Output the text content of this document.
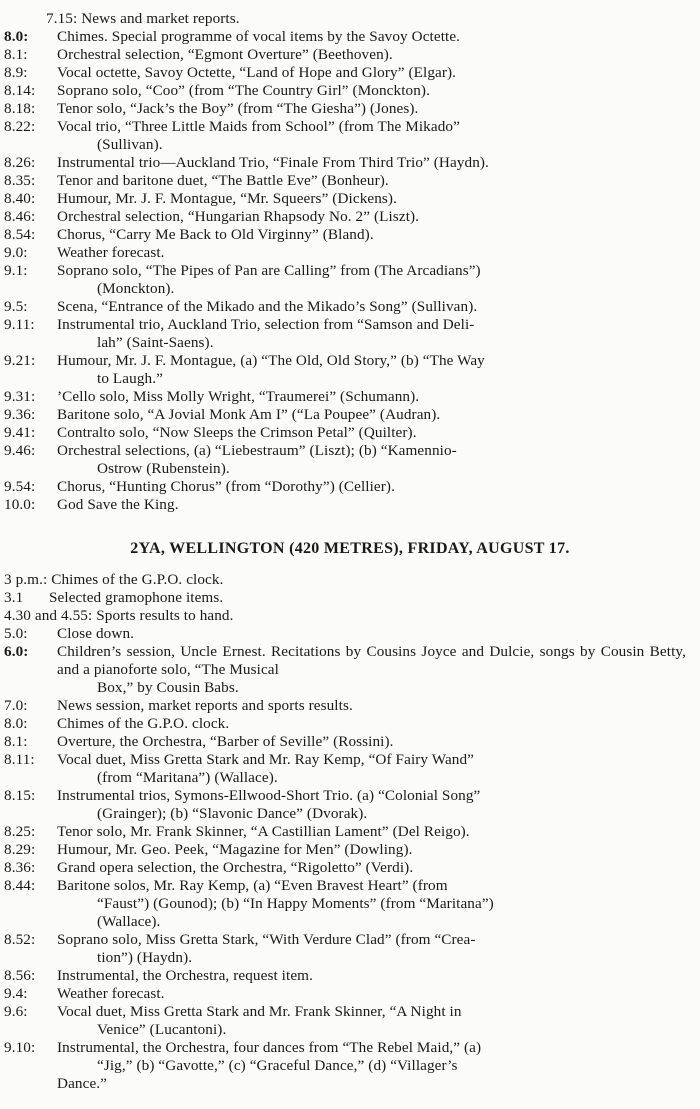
7.15: News and market reports.
8.0: Chimes. Special programme of vocal items by the Savoy Octette.
8.1: Orchestral selection, “Egmont Overture” (Beethoven).
8.9: Vocal octette, Savoy Octette, “Land of Hope and Glory” (Elgar).
8.14: Soprano solo, “Coo” (from “The Country Girl” (Monckton).
8.18: Tenor solo, “Jack’s the Boy” (from “The Giesha”) (Jones).
8.22: Vocal trio, “Three Little Maids from School” (from The Mikado”
(Sullivan).
8.26: Instrumental trio—Auckland Trio, “Finale From Third Trio” (Haydn).
8.35: Tenor and baritone duet, “The Battle Eve” (Bonheur).
8.40: Humour, Mr. J. F. Montague, “Mr. Squeers” (Dickens).
8.46: Orchestral selection, “Hungarian Rhapsody No. 2” (Liszt).
8.54: Chorus, “Carry Me Back to Old Virginny” (Bland).
9.0: Weather forecast.
9.1: Soprano solo, “The Pipes of Pan are Calling” from (The Arcadians”)
(Monckton).
9.5: Scena, “Entrance of the Mikado and the Mikado’s Song” (Sullivan).
9.11: Instrumental trio, Auckland Trio, selection from “Samson and Deli-
lah” (Saint-Saens).
9.21: Humour, Mr. J. F. Montague, (a) “The Old, Old Story,” (b) “The Way
to Laugh.”
9.31: ’Cello solo, Miss Molly Wright, “Traumerei” (Schumann).
9.36: Baritone solo, “A Jovial Monk Am I” (“La Poupee” (Audran).
9.41: Contralto solo, “Now Sleeps the Crimson Petal” (Quilter).
9.46: Orchestral selections, (a) “Liebestraum” (Liszt); (b) “Kamennio-
Ostrow (Rubenstein).
9.54: Chorus, “Hunting Chorus” (from “Dorothy”) (Cellier).
10.0: God Save the King.
2YA, WELLINGTON (420 METRES), FRIDAY, AUGUST 17.
3 p.m.: Chimes of the G.P.O. clock.
3.1 Selected gramophone items.
4.30 and 4.55: Sports results to hand.
5.0: Close down.
6.0: Children’s session, Uncle Ernest. Recitations by Cousins Joyce and Dulcie, songs by Cousin Betty, and a pianoforte solo, “The Musical
Box,” by Cousin Babs.
7.0: News session, market reports and sports results.
8.0: Chimes of the G.P.O. clock.
8.1: Overture, the Orchestra, “Barber of Seville” (Rossini).
8.11: Vocal duet, Miss Gretta Stark and Mr. Ray Kemp, “Of Fairy Wand”
(from “Maritana”) (Wallace).
8.15: Instrumental trios, Symons-Ellwood-Short Trio. (a) “Colonial Song”
(Grainger); (b) “Slavonic Dance” (Dvorak).
8.25: Tenor solo, Mr. Frank Skinner, “A Castillian Lament” (Del Reigo).
8.29: Humour, Mr. Geo. Peek, “Magazine for Men” (Dowling).
8.36: Grand opera selection, the Orchestra, “Rigoletto” (Verdi).
8.44: Baritone solos, Mr. Ray Kemp, (a) “Even Bravest Heart” (from
“Faust”) (Gounod); (b) “In Happy Moments” (from “Maritana”)
(Wallace).
8.52: Soprano solo, Miss Gretta Stark, “With Verdure Clad” (from “Crea-
tion”) (Haydn).
8.56: Instrumental, the Orchestra, request item.
9.4: Weather forecast.
9.6: Vocal duet, Miss Gretta Stark and Mr. Frank Skinner, “A Night in
Venice” (Lucantoni).
9.10: Instrumental, the Orchestra, four dances from “The Rebel Maid,” (a)
“Jig,” (b) “Gavotte,” (c) “Graceful Dance,” (d) “Villager’s
Dance.”
